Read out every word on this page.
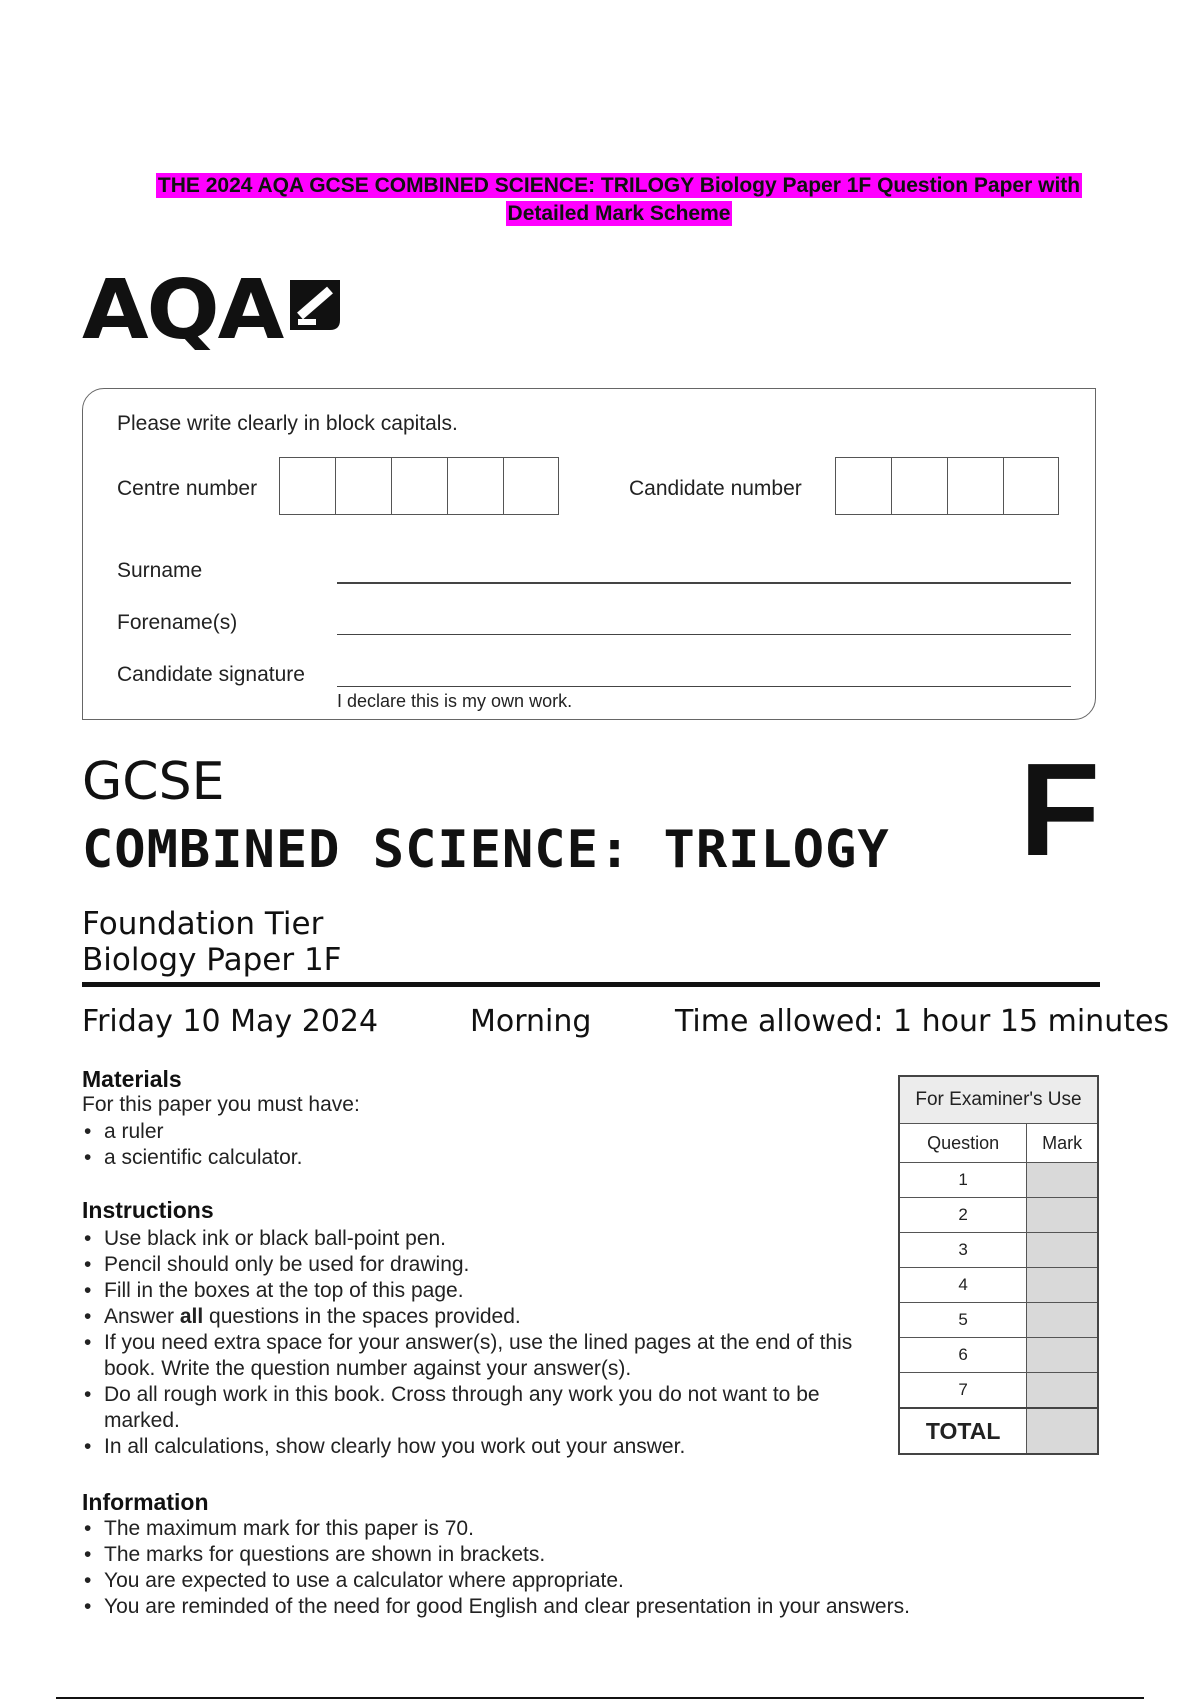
THE 2024 AQA GCSE COMBINED SCIENCE: TRILOGY Biology Paper 1F Question Paper with
Detailed Mark Scheme
AQA
Please write clearly in block capitals.
Centre number	Candidate number
Surname
Forename(s)
Candidate signature
I declare this is my own work.
GCSE
COMBINED SCIENCE: TRILOGY F
Foundation Tier
Biology Paper 1F
Friday 10 May 2024	Morning	Time allowed: 1 hour 15 minutes
Materials
For this paper you must have:
• a ruler
• a scientific calculator.
Instructions
• Use black ink or black ball-point pen.
• Pencil should only be used for drawing.
• Fill in the boxes at the top of this page.
• Answer all questions in the spaces provided.
• If you need extra space for your answer(s), use the lined pages at the end of this book. Write the question number against your answer(s).
• Do all rough work in this book. Cross through any work you do not want to be marked.
• In all calculations, show clearly how you work out your answer.
Information
• The maximum mark for this paper is 70.
• The marks for questions are shown in brackets.
• You are expected to use a calculator where appropriate.
• You are reminded of the need for good English and clear presentation in your answers.
For Examiner's Use	
Question	Mark
1	
2	
3	
4	
5	
6	
7	
TOTAL	
